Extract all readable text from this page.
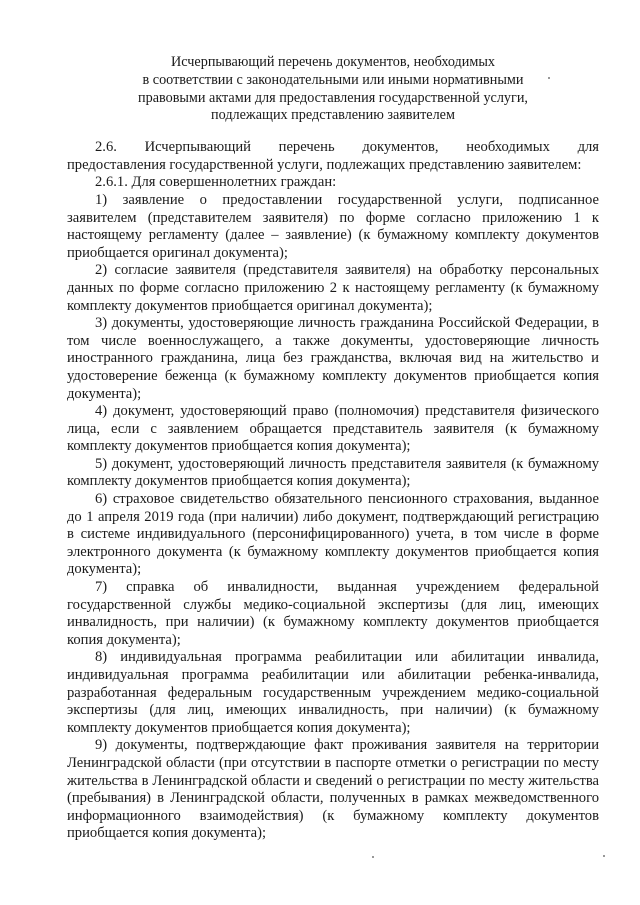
Исчерпывающий перечень документов, необходимых
в соответствии с законодательными или иными нормативными
правовыми актами для предоставления государственной услуги,
подлежащих представлению заявителем

2.6.    Исчерпывающий    перечень    документов,    необходимых    для предоставления государственной услуги, подлежащих представлению заявителем:

2.6.1. Для совершеннолетних граждан:

1) заявление о предоставлении государственной услуги, подписанное заявителем (представителем заявителя) по форме согласно приложению 1 к настоящему регламенту (далее – заявление) (к бумажному комплекту документов приобщается оригинал документа);

2) согласие заявителя (представителя заявителя) на обработку персональных данных по форме согласно приложению 2 к настоящему регламенту (к бумажному комплекту документов приобщается оригинал документа);

3) документы, удостоверяющие личность гражданина Российской Федерации, в том числе военнослужащего, а также документы, удостоверяющие личность иностранного гражданина, лица без гражданства, включая вид на жительство и удостоверение беженца (к бумажному комплекту документов приобщается копия документа);

4) документ, удостоверяющий право (полномочия) представителя физического лица, если с заявлением обращается представитель заявителя (к бумажному комплекту документов приобщается копия документа);

5) документ, удостоверяющий личность представителя заявителя (к бумажному комплекту документов приобщается копия документа);

6) страховое свидетельство обязательного пенсионного страхования, выданное до 1 апреля 2019 года (при наличии) либо документ, подтверждающий регистрацию в системе индивидуального (персонифицированного) учета, в том числе в форме электронного документа (к бумажному комплекту документов приобщается копия документа);

7) справка об инвалидности, выданная учреждением федеральной государственной службы медико-социальной экспертизы (для лиц, имеющих инвалидность, при наличии) (к бумажному комплекту документов приобщается копия документа);

8) индивидуальная программа реабилитации или абилитации инвалида, индивидуальная программа реабилитации или абилитации ребенка-инвалида, разработанная федеральным государственным учреждением медико-социальной экспертизы (для лиц, имеющих инвалидность, при наличии) (к бумажному комплекту документов приобщается копия документа);

9) документы, подтверждающие факт проживания заявителя на территории Ленинградской области (при отсутствии в паспорте отметки о регистрации по месту жительства в Ленинградской области и сведений о регистрации по месту жительства (пребывания) в Ленинградской области, полученных в рамках межведомственного информационного взаимодействия) (к бумажному комплекту документов приобщается копия документа);
